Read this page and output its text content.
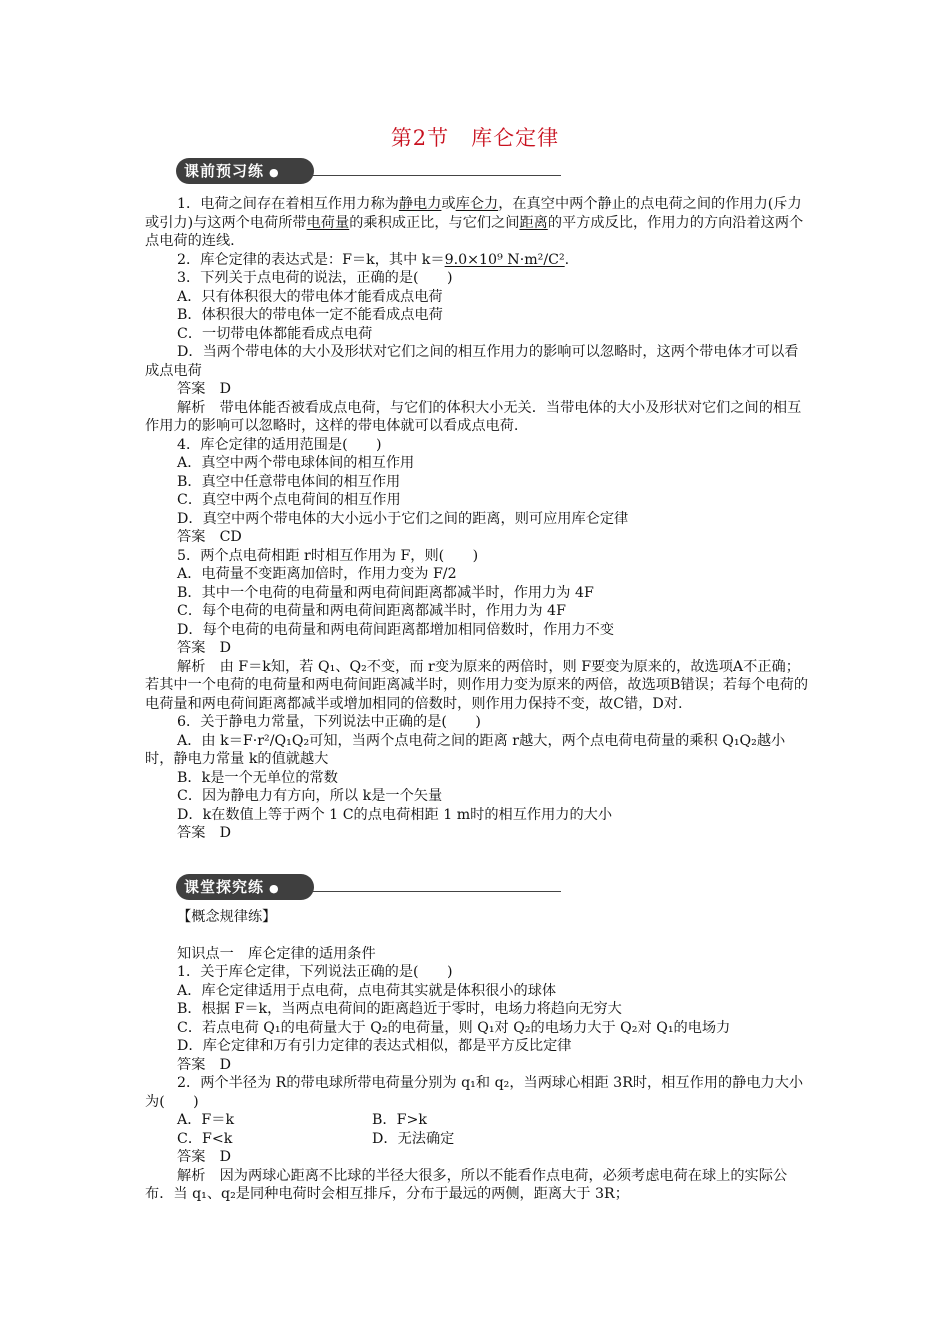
第2节　库仑定律
课前预习练 ●

1．电荷之间存在着相互作用力称为静电力或库仑力，在真空中两个静止的点电荷之间的作用力(斥力或引力)与这两个电荷所带电荷量的乘积成正比，与它们之间距离的平方成反比，作用力的方向沿着这两个点电荷的连线.

2．库仑定律的表达式是：F＝k，其中 k＝9.0×10⁹ N·m²/C².

3．下列关于点电荷的说法，正确的是(　　)

A．只有体积很大的带电体才能看成点电荷

B．体积很大的带电体一定不能看成点电荷

C．一切带电体都能看成点电荷

D．当两个带电体的大小及形状对它们之间的相互作用力的影响可以忽略时，这两个带电体才可以看成点电荷

答案　D

解析　带电体能否被看成点电荷，与它们的体积大小无关．当带电体的大小及形状对它们之间的相互作用力的影响可以忽略时，这样的带电体就可以看成点电荷.

4．库仑定律的适用范围是(　　)

A．真空中两个带电球体间的相互作用

B．真空中任意带电体间的相互作用

C．真空中两个点电荷间的相互作用

D．真空中两个带电体的大小远小于它们之间的距离，则可应用库仑定律

答案　CD

5．两个点电荷相距 r时相互作用为 F，则(　　)

A．电荷量不变距离加倍时，作用力变为 F/2

B．其中一个电荷的电荷量和两电荷间距离都减半时，作用力为 4F

C．每个电荷的电荷量和两电荷间距离都减半时，作用力为 4F

D．每个电荷的电荷量和两电荷间距离都增加相同倍数时，作用力不变

答案　D

解析　由 F＝k知，若 Q₁、Q₂不变，而 r变为原来的两倍时，则 F要变为原来的，故选项A不正确；若其中一个电荷的电荷量和两电荷间距离减半时，则作用力变为原来的两倍，故选项B错误；若每个电荷的电荷量和两电荷间距离都减半或增加相同的倍数时，则作用力保持不变，故C错，D对.

6．关于静电力常量，下列说法中正确的是(　　)

A．由 k＝F·r²/Q₁Q₂可知，当两个点电荷之间的距离 r越大，两个点电荷电荷量的乘积 Q₁Q₂越小时，静电力常量 k的值就越大

B．k是一个无单位的常数

C．因为静电力有方向，所以 k是一个矢量

D．k在数值上等于两个 1 C的点电荷相距 1 m时的相互作用力的大小

答案　D

课堂探究练 ●

【概念规律练】

知识点一　库仑定律的适用条件

1．关于库仑定律，下列说法正确的是(　　)

A．库仑定律适用于点电荷，点电荷其实就是体积很小的球体

B．根据 F＝k，当两点电荷间的距离趋近于零时，电场力将趋向无穷大

C．若点电荷 Q₁的电荷量大于 Q₂的电荷量，则 Q₁对 Q₂的电场力大于 Q₂对 Q₁的电场力

D．库仑定律和万有引力定律的表达式相似，都是平方反比定律

答案　D

2．两个半径为 R的带电球所带电荷量分别为 q₁和 q₂，当两球心相距 3R时，相互作用的静电力大小为(　　)

A．F＝k	B．F>k
C．F<k	D．无法确定

答案　D

解析　因为两球心距离不比球的半径大很多，所以不能看作点电荷，必须考虑电荷在球上的实际公布．当 q₁、q₂是同种电荷时会相互排斥，分布于最远的两侧，距离大于 3R；
